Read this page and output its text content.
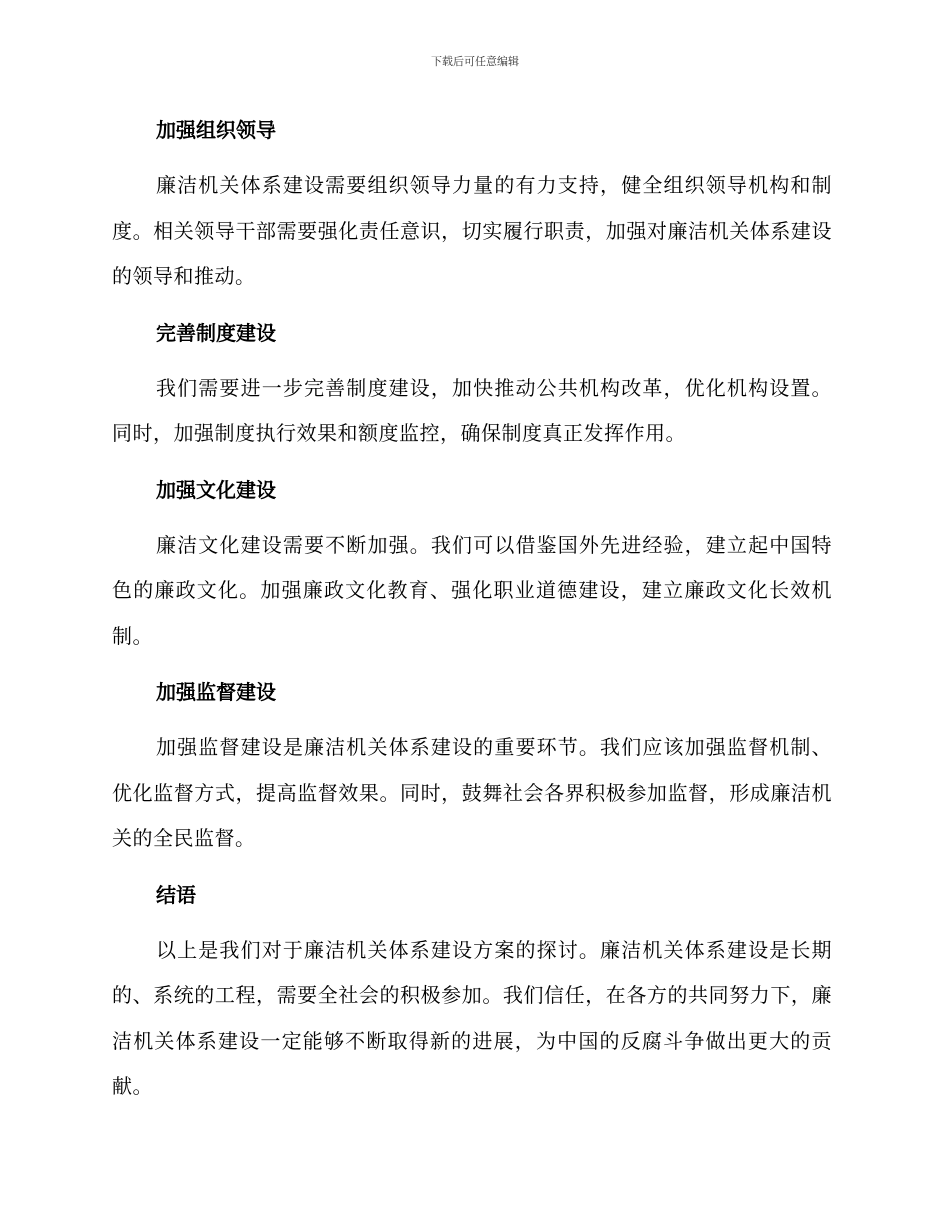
下载后可任意编辑
加强组织领导

廉洁机关体系建设需要组织领导力量的有力支持，健全组织领导机构和制度。相关领导干部需要强化责任意识，切实履行职责，加强对廉洁机关体系建设的领导和推动。

完善制度建设

我们需要进一步完善制度建设，加快推动公共机构改革，优化机构设置。同时，加强制度执行效果和额度监控，确保制度真正发挥作用。

加强文化建设

廉洁文化建设需要不断加强。我们可以借鉴国外先进经验，建立起中国特色的廉政文化。加强廉政文化教育、强化职业道德建设，建立廉政文化长效机制。

加强监督建设

加强监督建设是廉洁机关体系建设的重要环节。我们应该加强监督机制、优化监督方式，提高监督效果。同时，鼓舞社会各界积极参加监督，形成廉洁机关的全民监督。

结语

以上是我们对于廉洁机关体系建设方案的探讨。廉洁机关体系建设是长期的、系统的工程，需要全社会的积极参加。我们信任，在各方的共同努力下，廉洁机关体系建设一定能够不断取得新的进展，为中国的反腐斗争做出更大的贡献。
